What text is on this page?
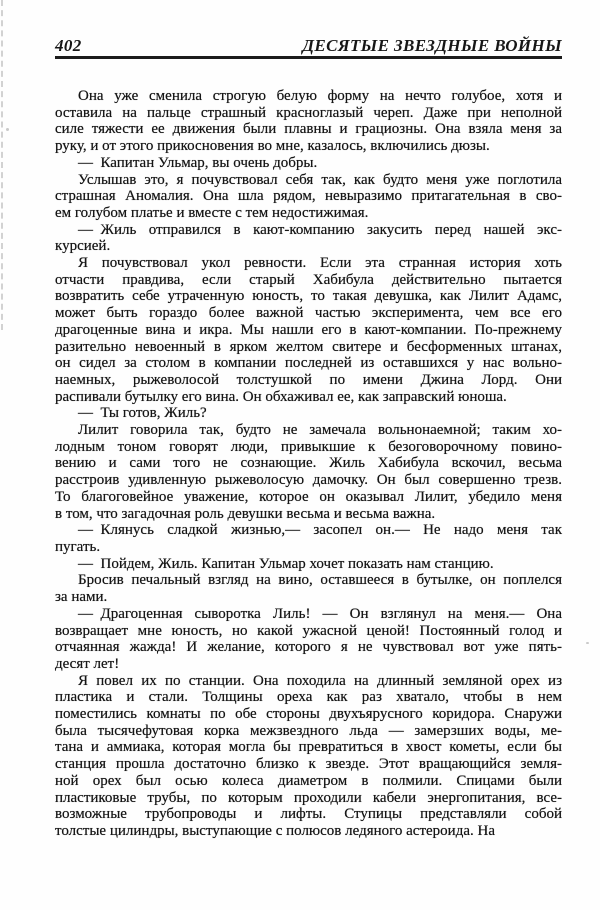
402	ДЕСЯТЫЕ ЗВЕЗДНЫЕ ВОЙНЫ
Она уже сменила строгую белую форму на нечто голубое, хотя и
оставила на пальце страшный красноглазый череп. Даже при неполной
силе тяжести ее движения были плавны и грациозны. Она взяла меня за
руку, и от этого прикосновения во мне, казалось, включились дюзы.
— Капитан Ульмар, вы очень добры.
Услышав это, я почувствовал себя так, как будто меня уже поглотила
страшная Аномалия. Она шла рядом, невыразимо притагательная в сво-
ем голубом платье и вместе с тем недостижимая.
— Жиль отправился в кают-компанию закусить перед нашей экс-
курсией.
Я почувствовал укол ревности. Если эта странная история хоть
отчасти правдива, если старый Хабибула действительно пытается
возвратить себе утраченную юность, то такая девушка, как Лилит Адамс,
может быть гораздо более важной частью эксперимента, чем все его
драгоценные вина и икра. Мы нашли его в кают-компании. По-прежнему
разительно невоенный в ярком желтом свитере и бесформенных штанах,
он сидел за столом в компании последней из оставшихся у нас вольно-
наемных, рыжеволосой толстушкой по имени Джина Лорд. Они
распивали бутылку его вина. Он обхаживал ее, как заправский юноша.
— Ты готов, Жиль?
Лилит говорила так, будто не замечала вольнонаемной; таким хо-
лодным тоном говорят люди, привыкшие к безоговорочному повино-
вению и сами того не сознающие. Жиль Хабибула вскочил, весьма
расстроив удивленную рыжеволосую дамочку. Он был совершенно трезв.
То благоговейное уважение, которое он оказывал Лилит, убедило меня
в том, что загадочная роль девушки весьма и весьма важна.
— Клянусь сладкой жизнью,— засопел он.— Не надо меня так
пугать.
— Пойдем, Жиль. Капитан Ульмар хочет показать нам станцию.
Бросив печальный взгляд на вино, оставшееся в бутылке, он поплелся
за нами.
— Драгоценная сыворотка Лиль! — Он взглянул на меня.— Она
возвращает мне юность, но какой ужасной ценой! Постоянный голод и
отчаянная жажда! И желание, которого я не чувствовал вот уже пять-
десят лет!
Я повел их по станции. Она походила на длинный земляной орех из
пластика и стали. Толщины ореха как раз хватало, чтобы в нем
поместились комнаты по обе стороны двухъярусного коридора. Снаружи
была тысячефутовая корка межзвездного льда — замерзших воды, ме-
тана и аммиака, которая могла бы превратиться в хвост кометы, если бы
станция прошла достаточно близко к звезде. Этот вращающийся земля-
ной орех был осью колеса диаметром в полмили. Спицами были
пластиковые трубы, по которым проходили кабели энергопитания, все-
возможные трубопроводы и лифты. Ступицы представляли собой
толстые цилиндры, выступающие с полюсов ледяного астероида. На
